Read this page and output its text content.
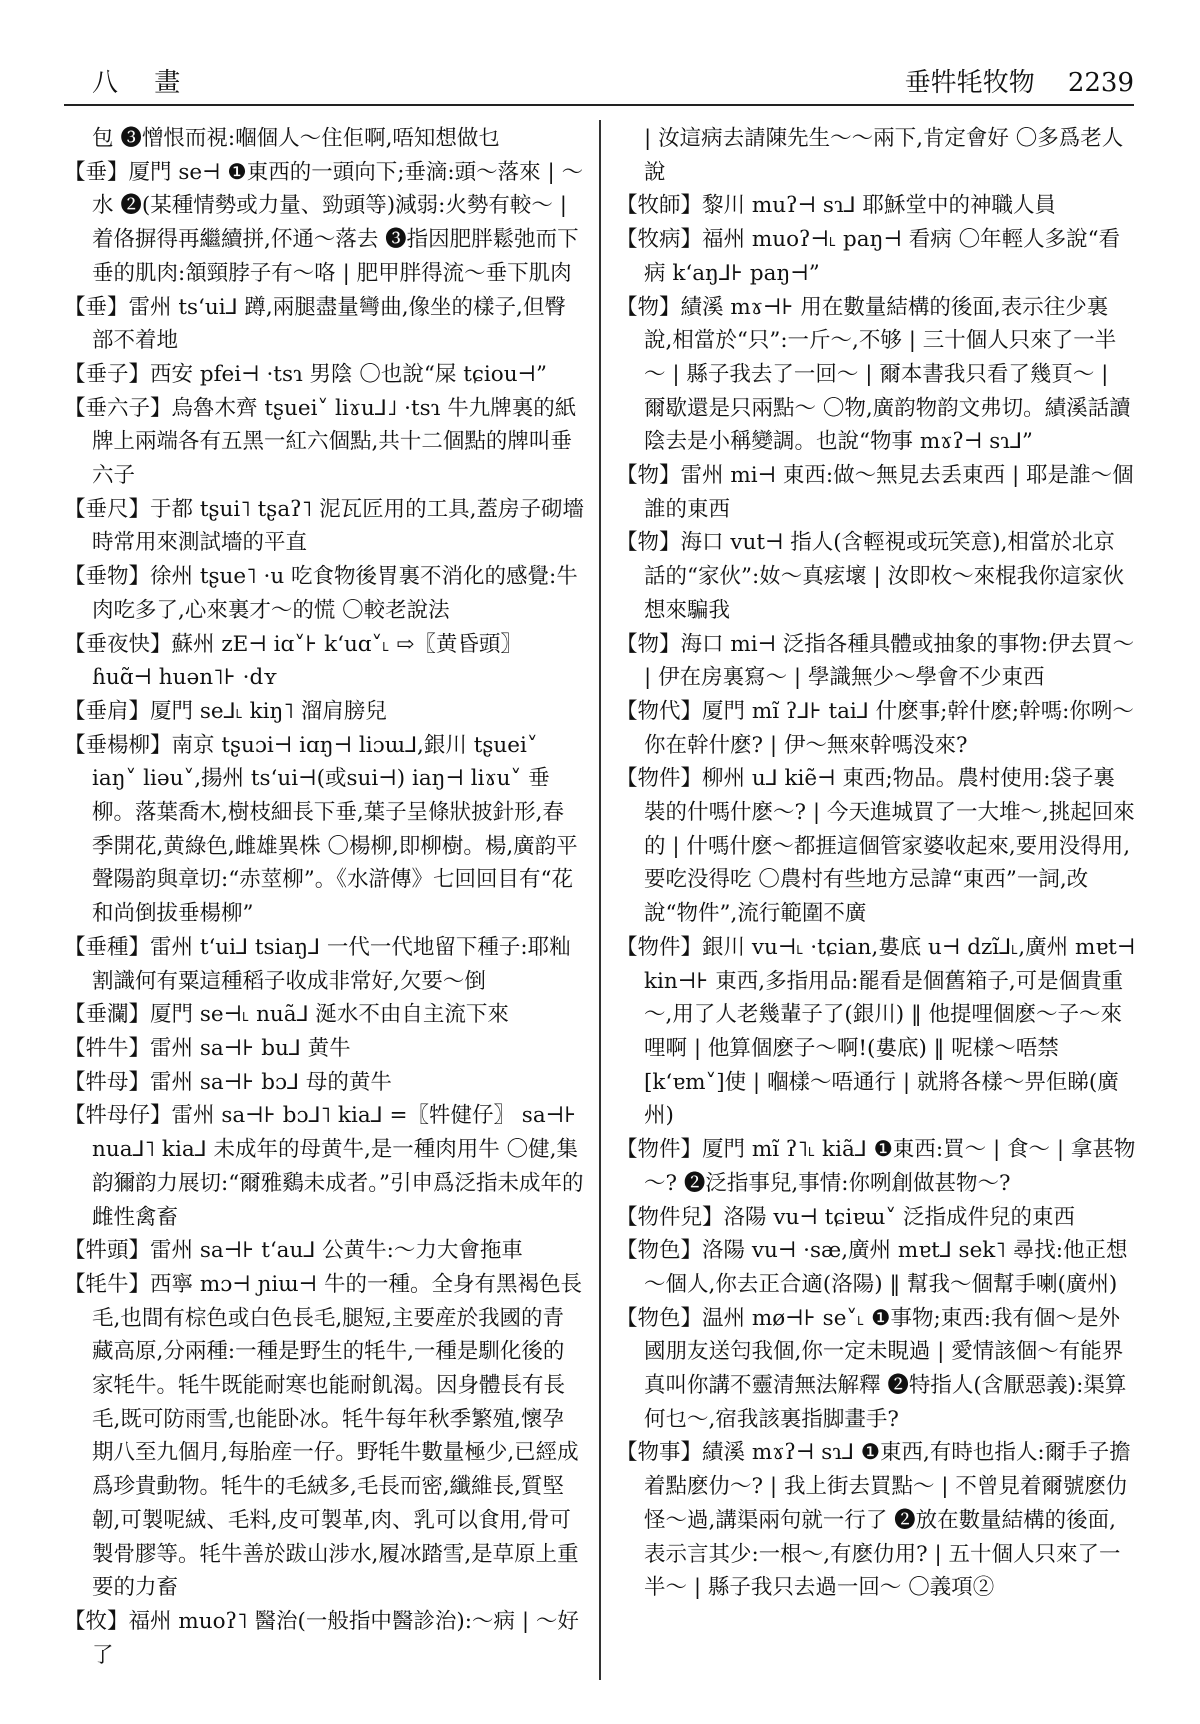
八 畫	垂牪牦牧物 2239

包 ❸憎恨而視:嗰個人～住佢啊,唔知想做乜

【垂】厦門 se⊣ ❶東西的一頭向下;垂滴:頭～落來 | ～水 ❷(某種情勢或力量、勁頭等)減弱:火勢有較～ | 着佫摒得再繼續拼,伓通～落去 ❸指因肥胖鬆弛而下垂的肌肉:頷頸脖子有～咯 | 肥甲胖得流～垂下肌肉

【垂】雷州 tsʻui⅃ 蹲,兩腿盡量彎曲,像坐的樣子,但臀部不着地

【垂子】西安 pfei⊣ ·tsɿ 男陰 〇也說“屎 tɕiou⊣”

【垂六子】烏魯木齊 tʂuei˅ liɤu⅃˩ ·tsɿ 牛九牌裏的紙牌上兩端各有五黑一紅六個點,共十二個點的牌叫垂六子

【垂尺】于都 tʂui˥ tʂaʔ˥ 泥瓦匠用的工具,蓋房子砌墻時常用來測試墻的平直

【垂物】徐州 tʂue˥ ·u 吃食物後胃裏不消化的感覺:牛肉吃多了,心來裏才～的慌 〇較老說法

【垂夜快】蘇州 zE⊣ iɑ˅⊦ kʻuɑ˅˪ ⇨〖黄昏頭〗 ɦuɑ̃⊣ huən˥⊦ ·dʏ

【垂肩】厦門 se⅃˪ kiŋ˥ 溜肩膀兒

【垂楊柳】南京 tʂuɔi⊣ iɑŋ⊣ liɔɯ⅃,銀川 tʂuei˅ iaŋ˅ liəu˅,揚州 tsʻui⊣(或sui⊣) iaŋ⊣ liɤu˅ 垂柳。落葉喬木,樹枝細長下垂,葉子呈條狀披針形,春季開花,黄綠色,雌雄異株 〇楊柳,即柳樹。楊,廣韵平聲陽韵與章切:“赤莖柳”。《水滸傳》七回回目有“花和尚倒拔垂楊柳”

【垂種】雷州 tʻui⅃ tsiaŋ⅃ 一代一代地留下種子:耶籼割識何有粟這種稻子收成非常好,欠要～倒

【垂瀾】厦門 se⊣˪ nuã⅃ 涎水不由自主流下來

【牪牛】雷州 sa⊣⊦ bu⅃ 黄牛

【牪母】雷州 sa⊣⊦ bɔ⅃ 母的黄牛

【牪母仔】雷州 sa⊣⊦ bɔ⅃˥ kia⅃ =〖牪健仔〗 sa⊣⊦ nua⅃˥ kia⅃ 未成年的母黄牛,是一種肉用牛 〇健,集韵獮韵力展切:“爾雅鷄未成者。”引申爲泛指未成年的雌性禽畜

【牪頭】雷州 sa⊣⊦ tʻau⅃ 公黄牛:～力大會拖車

【牦牛】西寧 mɔ⊣ ɲiɯ⊣ 牛的一種。全身有黑褐色長毛,也間有棕色或白色長毛,腿短,主要産於我國的青藏高原,分兩種:一種是野生的牦牛,一種是馴化後的家牦牛。牦牛既能耐寒也能耐飢渴。因身體長有長毛,既可防雨雪,也能卧冰。牦牛每年秋季繁殖,懷孕期八至九個月,每胎産一仔。野牦牛數量極少,已經成爲珍貴動物。牦牛的毛絨多,毛長而密,纖維長,質堅韌,可製呢絨、毛料,皮可製革,肉、乳可以食用,骨可製骨膠等。牦牛善於跋山涉水,履冰踏雪,是草原上重要的力畜

【牧】福州 muoʔ˥ 醫治(一般指中醫診治):～病 | ～好了

| 汝這病去請陳先生～～兩下,肯定會好 〇多爲老人說

【牧師】黎川 muʔ⊣ sɿ⅃ 耶穌堂中的神職人員

【牧病】福州 muoʔ⊣˪ paŋ⊣ 看病 〇年輕人多說“看病 kʻaŋ⅃⊦ paŋ⊣”

【物】績溪 mɤ⊣⊦ 用在數量結構的後面,表示往少裏說,相當於“只”:一斤～,不够 | 三十個人只來了一半～ | 縣子我去了一回～ | 爾本書我只看了幾頁～ | 爾歇還是只兩點～ 〇物,廣韵物韵文弗切。績溪話讀陰去是小稱變調。也說“物事 mɤʔ⊣ sɿ⅃”

【物】雷州 mi⊣ 東西:做～無見去丢東西 | 耶是誰～個誰的東西

【物】海口 vut⊣ 指人(含輕視或玩笑意),相當於北京話的“家伙”:奻～真痃壞 | 汝即枚～來棍我你這家伙想來騙我

【物】海口 mi⊣ 泛指各種具體或抽象的事物:伊去買～ | 伊在房裏寫～ | 學識無少～學會不少東西

【物代】厦門 mĩ ʔ⅃⊦ tai⅃ 什麽事;幹什麽;幹嗎:你咧～你在幹什麽? | 伊～無來幹嗎没來?

【物件】柳州 u⅃ kiẽ⊣ 東西;物品。農村使用:袋子裏裝的什嗎什麽～? | 今天進城買了一大堆～,挑起回來的 | 什嗎什麽～都捱這個管家婆收起來,要用没得用,要吃没得吃 〇農村有些地方忌諱“東西”一詞,改說“物件”,流行範圍不廣

【物件】銀川 vu⊣˪ ·tɕian,婁底 u⊣ dzĩ⅃˪,廣州 mɐt⊣ kin⊣⊦ 東西,多指用品:罷看是個舊箱子,可是個貴重～,用了人老幾輩子了(銀川) ‖ 他提哩個麽～子～來哩啊 | 他算個麽子～啊!(婁底) ‖ 呢樣～唔禁[kʻɐm˅]使 | 嗰樣～唔通行 | 就將各樣～畀佢睇(廣州)

【物件】厦門 mĩ ʔ˥˪ kiã⅃ ❶東西:買～ | 食～ | 拿甚物～? ❷泛指事兒,事情:你咧創做甚物～?

【物件兒】洛陽 vu⊣ tɕiɐɯ˅ 泛指成件兒的東西

【物色】洛陽 vu⊣ ·sæ,廣州 mɐt⅃ sek˥ 尋找:他正想～個人,你去正合適(洛陽) ‖ 幫我～個幫手喇(廣州)

【物色】温州 mø⊣⊦ se˅˪ ❶事物;東西:我有個～是外國朋友送匄我個,你一定未睍過 | 愛情該個～有能界真叫你講不靈清無法解釋 ❷特指人(含厭惡義):渠算何乜～,宿我該裏指脚畫手?

【物事】績溪 mɤʔ⊣ sɿ⅃ ❶東西,有時也指人:爾手子擔着點麽仂～? | 我上街去買點～ | 不曾見着爾號麽仂怪～過,講渠兩句就一行了 ❷放在數量結構的後面,表示言其少:一根～,有麽仂用? | 五十個人只來了一半～ | 縣子我只去過一回～ 〇義項②
